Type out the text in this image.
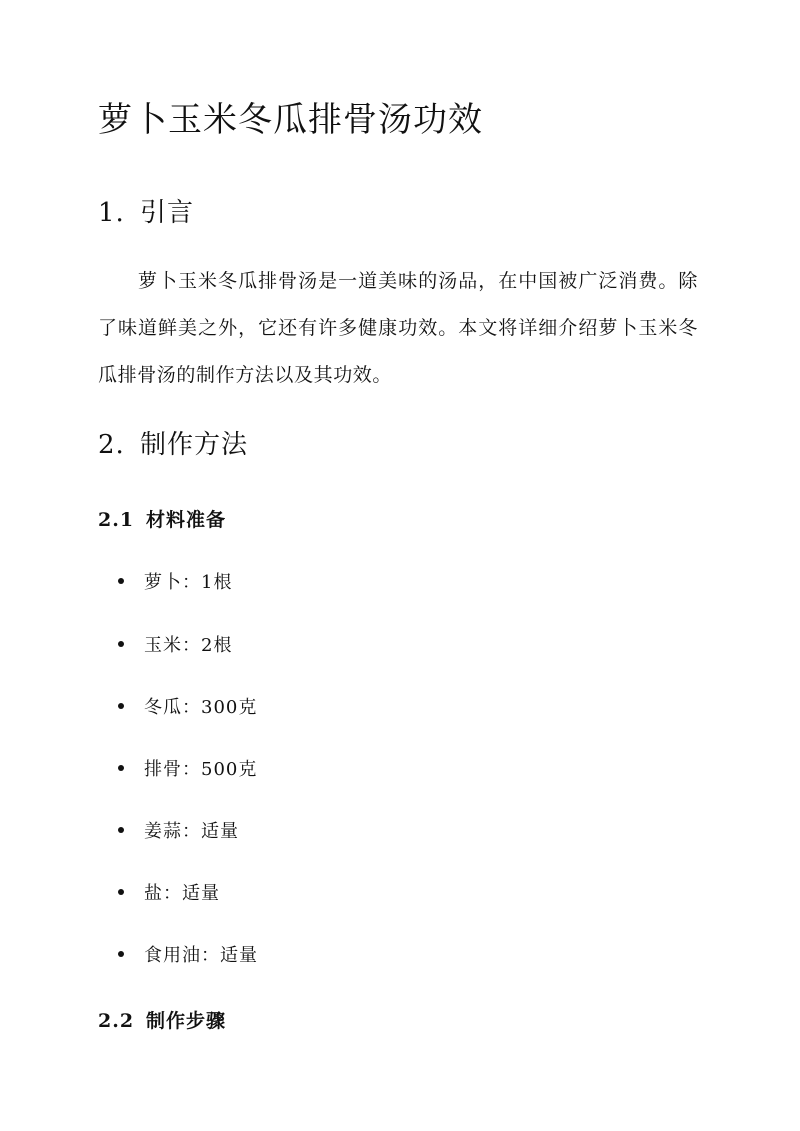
萝卜玉米冬瓜排骨汤功效
1. 引言

萝卜玉米冬瓜排骨汤是一道美味的汤品，在中国被广泛消费。除了味道鲜美之外，它还有许多健康功效。本文将详细介绍萝卜玉米冬瓜排骨汤的制作方法以及其功效。

2. 制作方法
2.1 材料准备
萝卜：1根
玉米：2根
冬瓜：300克
排骨：500克
姜蒜：适量
盐：适量
食用油：适量
2.2 制作步骤
